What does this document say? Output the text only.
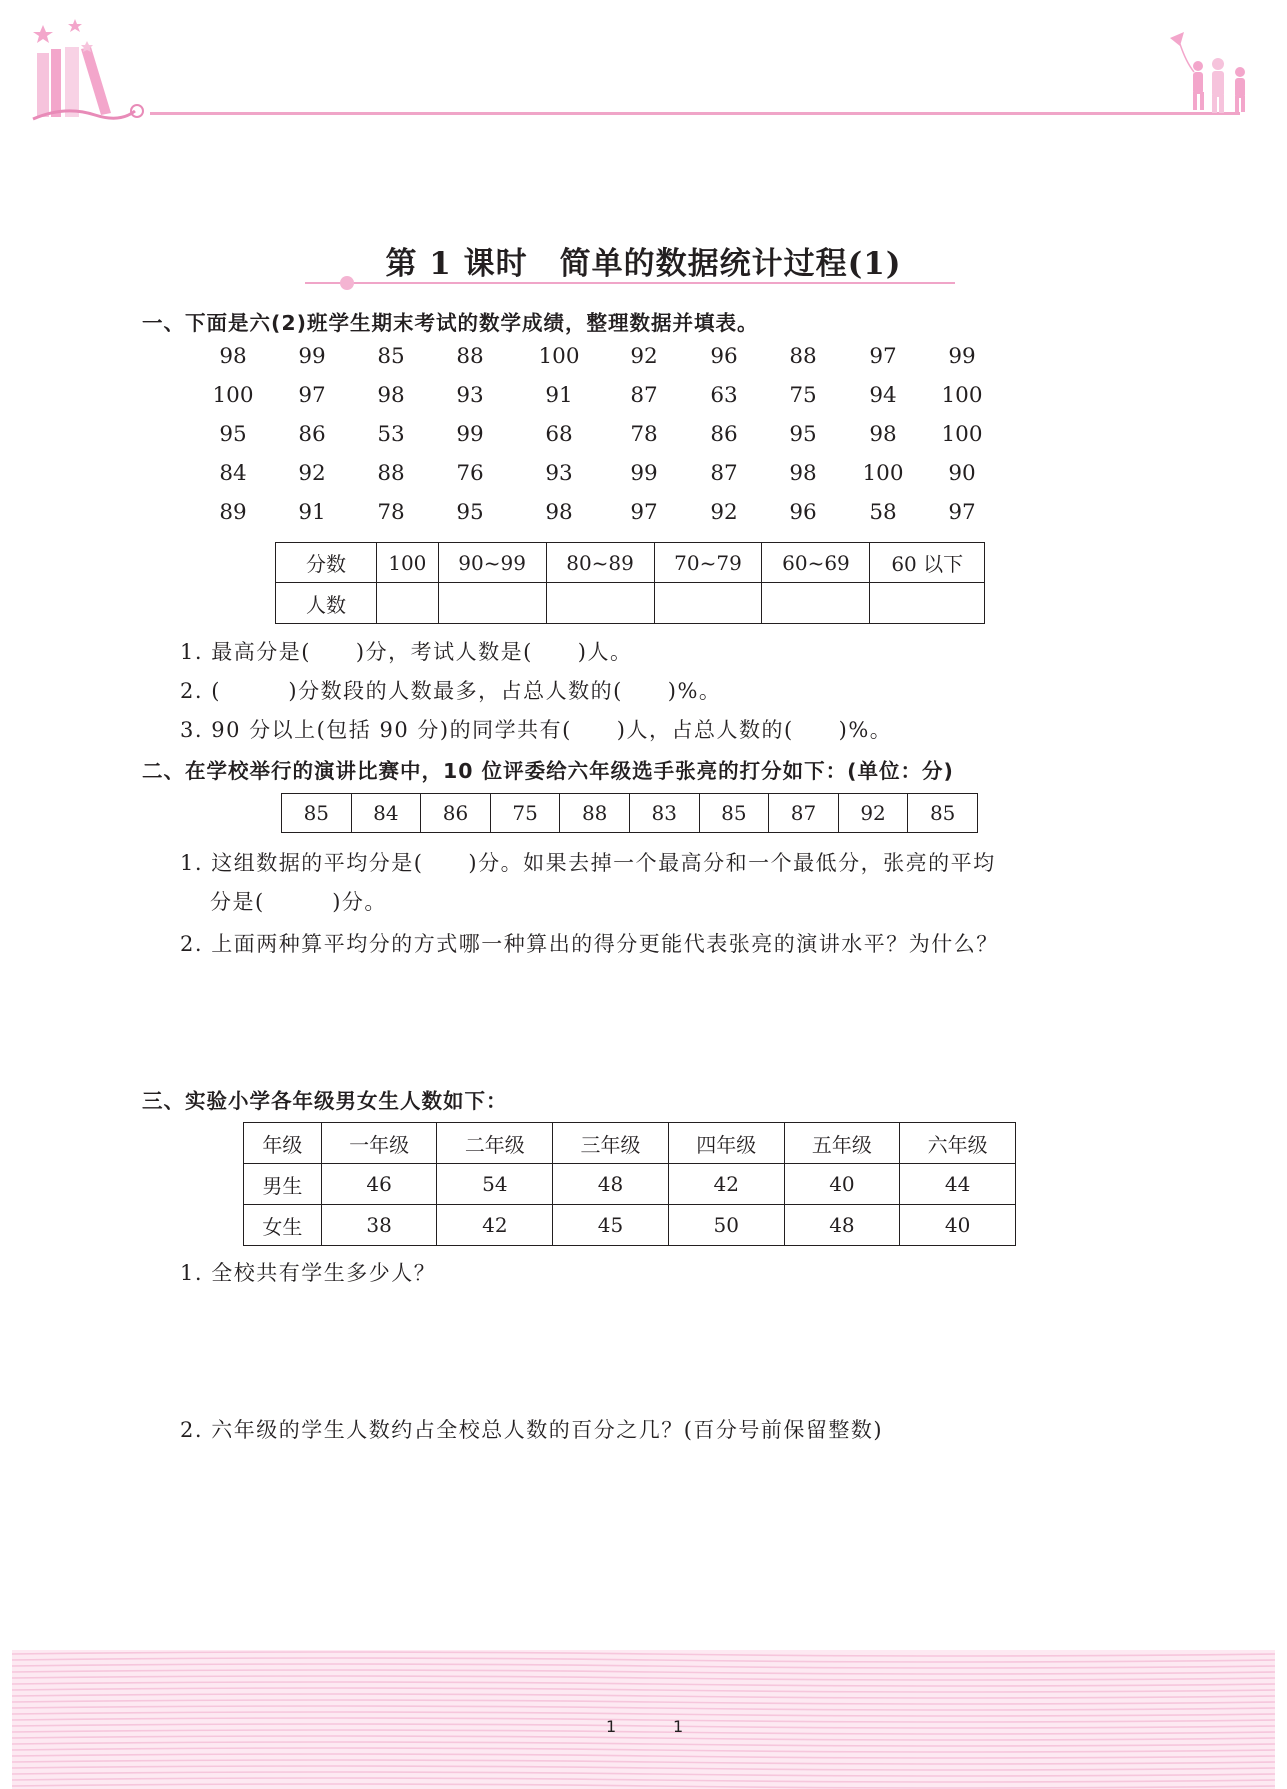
第 1 课时　简单的数据统计过程(1)
一、下面是六(2)班学生期末考试的数学成绩，整理数据并填表。
98	99	85	88	100	92	96	88	97	99
100	97	98	93	91	87	63	75	94	100
95	86	53	99	68	78	86	95	98	100
84	92	88	76	93	99	87	98	100	90
89	91	78	95	98	97	92	96	58	97
分数	100	90~99	80~89	70~79	60~69	60 以下
人数						
1. 最高分是(　　)分，考试人数是(　　)人。
2. (　　　)分数段的人数最多，占总人数的(　　)%。
3. 90 分以上(包括 90 分)的同学共有(　　)人，占总人数的(　　)%。
二、在学校举行的演讲比赛中，10 位评委给六年级选手张亮的打分如下：(单位：分)
85	84	86	75	88	83	85	87	92	85
1. 这组数据的平均分是(　　)分。如果去掉一个最高分和一个最低分，张亮的平均
分是(　　　)分。
2. 上面两种算平均分的方式哪一种算出的得分更能代表张亮的演讲水平？为什么？
三、实验小学各年级男女生人数如下：
年级	一年级	二年级	三年级	四年级	五年级	六年级
男生	46	54	48	42	40	44
女生	38	42	45	50	48	40
1. 全校共有学生多少人？
2. 六年级的学生人数约占全校总人数的百分之几？(百分号前保留整数)
1	1
